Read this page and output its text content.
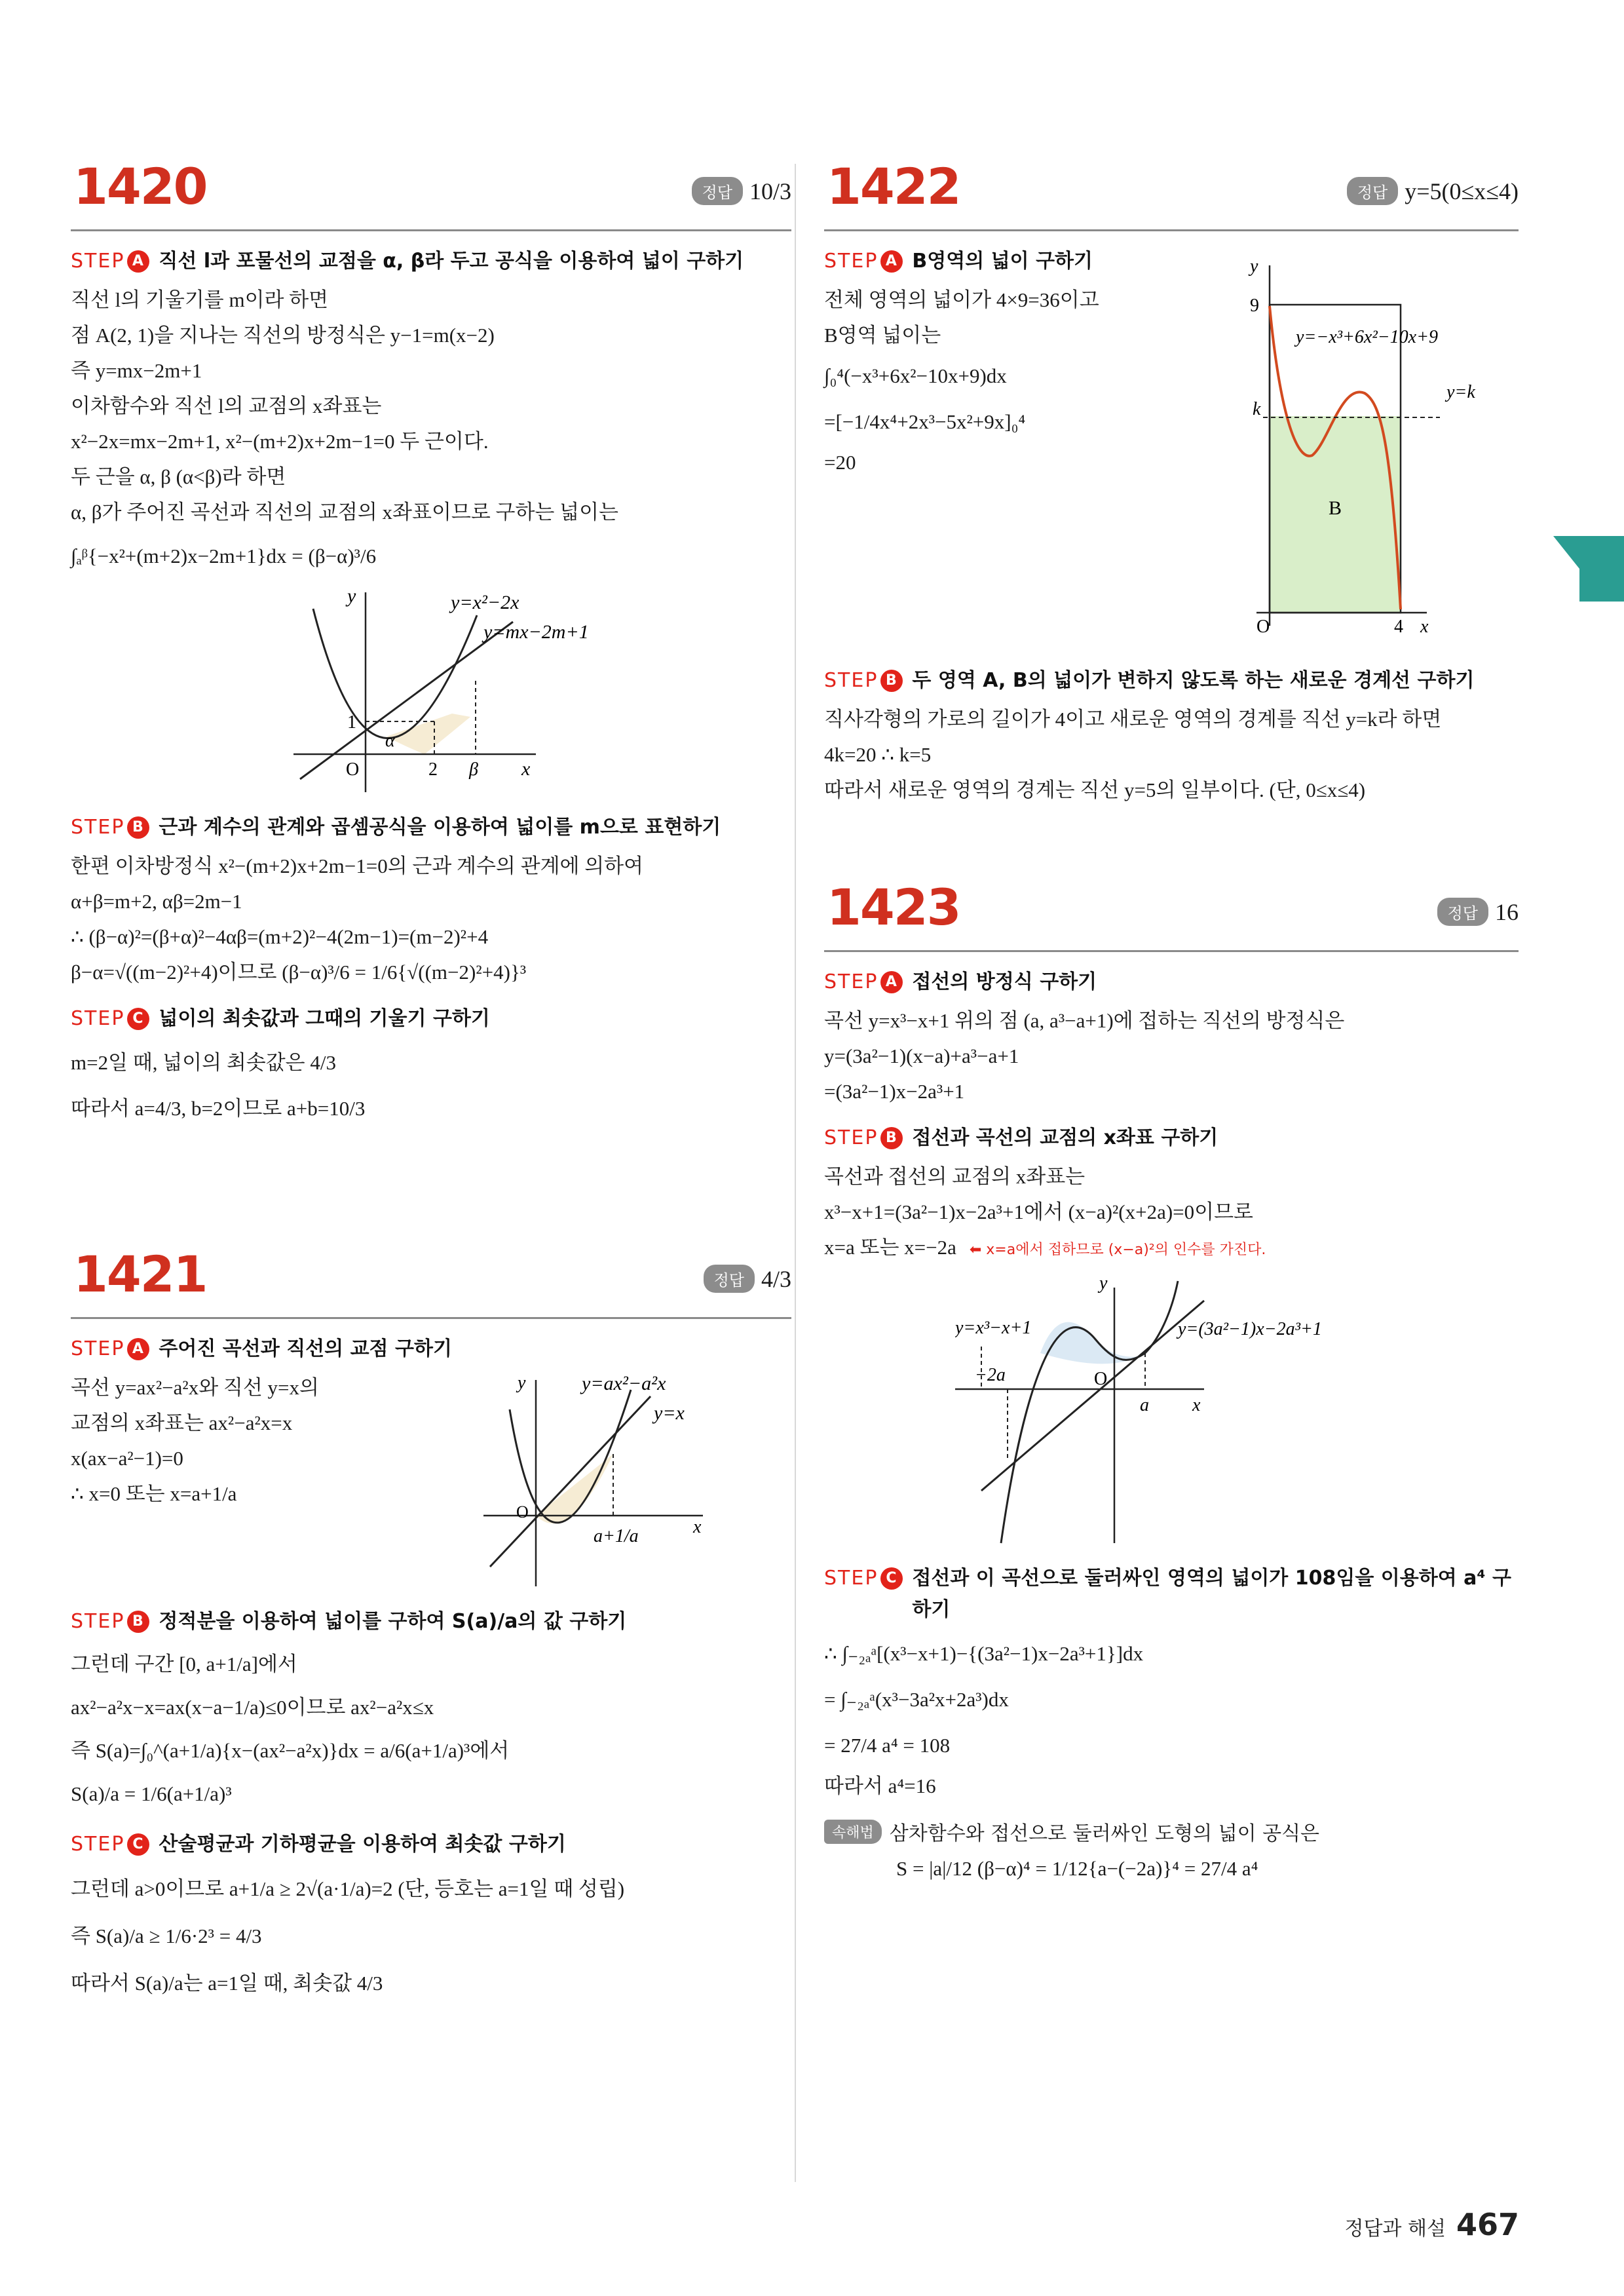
1420	정답 10/3
STEP A 직선 l과 포물선의 교점을 α, β라 두고 공식을 이용하여 넓이 구하기
직선 l의 기울기를 m이라 하면
점 A(2, 1)을 지나는 직선의 방정식은 y−1=m(x−2)
즉 y=mx−2m+1
이차함수와 직선 l의 교점의 x좌표는
x²−2x=mx−2m+1, x²−(m+2)x+2m−1=0 두 근이다.
두 근을 α, β (α<β)라 하면
α, β가 주어진 곡선과 직선의 교점의 x좌표이므로 구하는 넓이는
∫ₐᵝ{−x²+(m+2)x−2m+1}dx = (β−α)³/6
y	y=x²−2x
y=mx−2m+1
1
α
O	2 β x
STEP B 근과 계수의 관계와 곱셈공식을 이용하여 넓이를 m으로 표현하기
한편 이차방정식 x²−(m+2)x+2m−1=0의 근과 계수의 관계에 의하여
α+β=m+2, αβ=2m−1
∴ (β−α)²=(β+α)²−4αβ=(m+2)²−4(2m−1)=(m−2)²+4
β−α=√((m−2)²+4)이므로 (β−α)³/6 = 1/6{√((m−2)²+4)}³
STEP C 넓이의 최솟값과 그때의 기울기 구하기
m=2일 때, 넓이의 최솟값은 4/3
따라서 a=4/3, b=2이므로 a+b=10/3
1421	정답 4/3
STEP A 주어진 곡선과 직선의 교점 구하기
곡선 y=ax²−a²x와 직선 y=x의
교점의 x좌표는 ax²−a²x=x
x(ax−a²−1)=0
∴ x=0 또는 x=a+1/a
y	y=ax²−a²x
y=x
O
a+1/a	x
STEP B 정적분을 이용하여 넓이를 구하여 S(a)/a의 값 구하기
그런데 구간 [0, a+1/a]에서
ax²−a²x−x=ax(x−a−1/a)≤0이므로 ax²−a²x≤x
즉 S(a)=∫₀^(a+1/a){x−(ax²−a²x)}dx = a/6(a+1/a)³에서
S(a)/a = 1/6(a+1/a)³
STEP C 산술평균과 기하평균을 이용하여 최솟값 구하기
그런데 a>0이므로 a+1/a ≥ 2√(a·1/a)=2 (단, 등호는 a=1일 때 성립)
즉 S(a)/a ≥ 1/6·2³ = 4/3
따라서 S(a)/a는 a=1일 때, 최솟값 4/3
1422	정답 y=5(0≤x≤4)
STEP A B영역의 넓이 구하기
전체 영역의 넓이가 4×9=36이고
B영역 넓이는
∫₀⁴(−x³+6x²−10x+9)dx
=[−1/4x⁴+2x³−5x²+9x]₀⁴
=20
y
9
k
y=−x³+6x²−10x+9
y=k
B
O	4 x
STEP B 두 영역 A, B의 넓이가 변하지 않도록 하는 새로운 경계선 구하기
직사각형의 가로의 길이가 4이고 새로운 영역의 경계를 직선 y=k라 하면
4k=20 ∴ k=5
따라서 새로운 영역의 경계는 직선 y=5의 일부이다. (단, 0≤x≤4)
1423	정답 16
STEP A 접선의 방정식 구하기
곡선 y=x³−x+1 위의 점 (a, a³−a+1)에 접하는 직선의 방정식은
y=(3a²−1)(x−a)+a³−a+1
=(3a²−1)x−2a³+1
STEP B 접선과 곡선의 교점의 x좌표 구하기
곡선과 접선의 교점의 x좌표는
x³−x+1=(3a²−1)x−2a³+1에서 (x−a)²(x+2a)=0이므로
x=a 또는 x=−2a ⬅ x=a에서 접하므로 (x−a)²의 인수를 가진다.
y
y=x³−x+1	y=(3a²−1)x−2a³+1
−2a	O
a x
STEP C 접선과 이 곡선으로 둘러싸인 영역의 넓이가 108임을 이용하여 a⁴ 구하기
∴ ∫₋₂ₐᵃ[(x³−x+1)−{(3a²−1)x−2a³+1}]dx
= ∫₋₂ₐᵃ(x³−3a²x+2a³)dx
= 27/4 a⁴ = 108
따라서 a⁴=16
속해법 삼차함수와 접선으로 둘러싸인 도형의 넓이 공식은
S = |a|/12 (β−α)⁴ = 1/12{a−(−2a)}⁴ = 27/4 a⁴
정답과 해설 467
